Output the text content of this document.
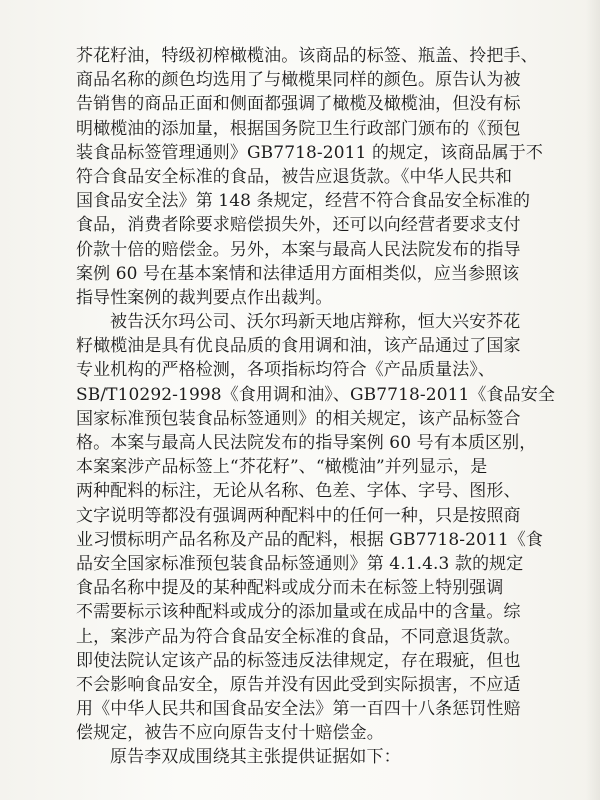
芥花籽油，特级初榨橄榄油。该商品的标签、瓶盖、拎把手、
商品名称的颜色均选用了与橄榄果同样的颜色。原告认为被
告销售的商品正面和侧面都强调了橄榄及橄榄油，但没有标
明橄榄油的添加量，根据国务院卫生行政部门颁布的《预包
装食品标签管理通则》GB7718-2011 的规定，该商品属于不
符合食品安全标准的食品，被告应退货款。《中华人民共和
国食品安全法》第 148 条规定，经营不符合食品安全标准的
食品，消费者除要求赔偿损失外，还可以向经营者要求支付
价款十倍的赔偿金。另外，本案与最高人民法院发布的指导
案例 60 号在基本案情和法律适用方面相类似，应当参照该
指导性案例的裁判要点作出裁判。
被告沃尔玛公司、沃尔玛新天地店辩称，恒大兴安芥花
籽橄榄油是具有优良品质的食用调和油，该产品通过了国家
专业机构的严格检测，各项指标均符合《产品质量法》、
SB/T10292-1998《食用调和油》、GB7718-2011《食品安全
国家标准预包装食品标签通则》的相关规定，该产品标签合
格。本案与最高人民法院发布的指导案例 60 号有本质区别，
本案案涉产品标签上“芥花籽”、“橄榄油”并列显示，是
两种配料的标注，无论从名称、色差、字体、字号、图形、
文字说明等都没有强调两种配料中的任何一种，只是按照商
业习惯标明产品名称及产品的配料，根据 GB7718-2011《食
品安全国家标准预包装食品标签通则》第 4.1.4.3 款的规定
食品名称中提及的某种配料或成分而未在标签上特别强调
不需要标示该种配料或成分的添加量或在成品中的含量。综
上，案涉产品为符合食品安全标准的食品，不同意退货款。
即使法院认定该产品的标签违反法律规定，存在瑕疵，但也
不会影响食品安全，原告并没有因此受到实际损害，不应适
用《中华人民共和国食品安全法》第一百四十八条惩罚性赔
偿规定，被告不应向原告支付十赔偿金。
原告李双成围绕其主张提供证据如下：
